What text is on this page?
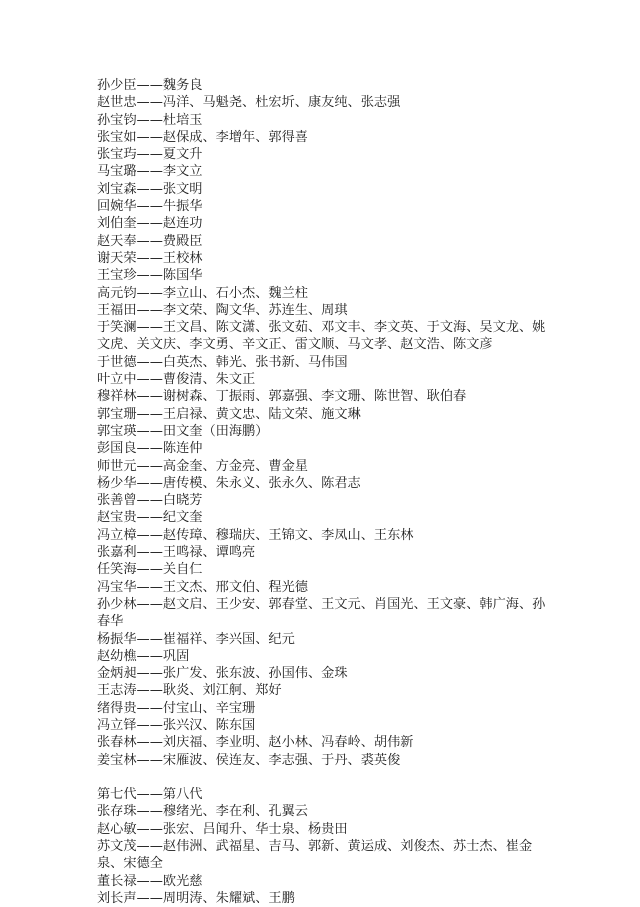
孙少臣——魏务良
赵世忠——冯洋、马魁尧、杜宏圻、康友纯、张志强
孙宝钧——杜培玉
张宝如——赵保成、李增年、郭得喜
张宝玙——夏文升
马宝璐——李文立
刘宝森——张文明
回婉华——牛振华
刘伯奎——赵连功
赵天奉——费殿臣
谢天荣——王校林
王宝珍——陈国华
高元钧——李立山、石小杰、魏兰柱
王福田——李文荣、陶文华、苏连生、周琪
于笑澜——王文昌、陈文潇、张文茹、邓文丰、李文英、于文海、吴文龙、姚文虎、关文庆、李文勇、辛文正、雷文顺、马文孝、赵文浩、陈文彦
于世德——白英杰、韩光、张书新、马伟国
叶立中——曹俊清、朱文正
穆祥林——谢树森、丁振雨、郭嘉强、李文珊、陈世智、耿伯春
郭宝珊——王启禄、黄文忠、陆文荣、施文琳
郭宝瑛——田文奎（田海鹏）
彭国良——陈连仲
师世元——高金奎、方金亮、曹金星
杨少华——唐传模、朱永义、张永久、陈君志
张善曾——白晓芳
赵宝贵——纪文奎
冯立樟——赵传璋、穆瑞庆、王锦文、李凤山、王东林
张嘉利——王鸣禄、谭鸣亮
任笑海——关自仁
冯宝华——王文杰、邢文伯、程光德
孙少林——赵文启、王少安、郭春堂、王文元、肖国光、王文豪、韩广海、孙春华
杨振华——崔福祥、李兴国、纪元
赵幼樵——巩固
金炳昶——张广发、张东波、孙国伟、金珠
王志涛——耿炎、刘江舸、郑好
绪得贵——付宝山、辛宝珊
冯立铎——张兴汉、陈东国
张春林——刘庆福、李业明、赵小林、冯春岭、胡伟新
姜宝林——宋雁波、侯连友、李志强、于丹、裘英俊
第七代——第八代
张存珠——穆绪光、李在利、孔翼云
赵心敏——张宏、吕闻升、华士泉、杨贵田
苏文茂——赵伟洲、武福星、吉马、郭新、黄运成、刘俊杰、苏士杰、崔金泉、宋德全
董长禄——欧光慈
刘长声——周明涛、朱耀斌、王鹏
